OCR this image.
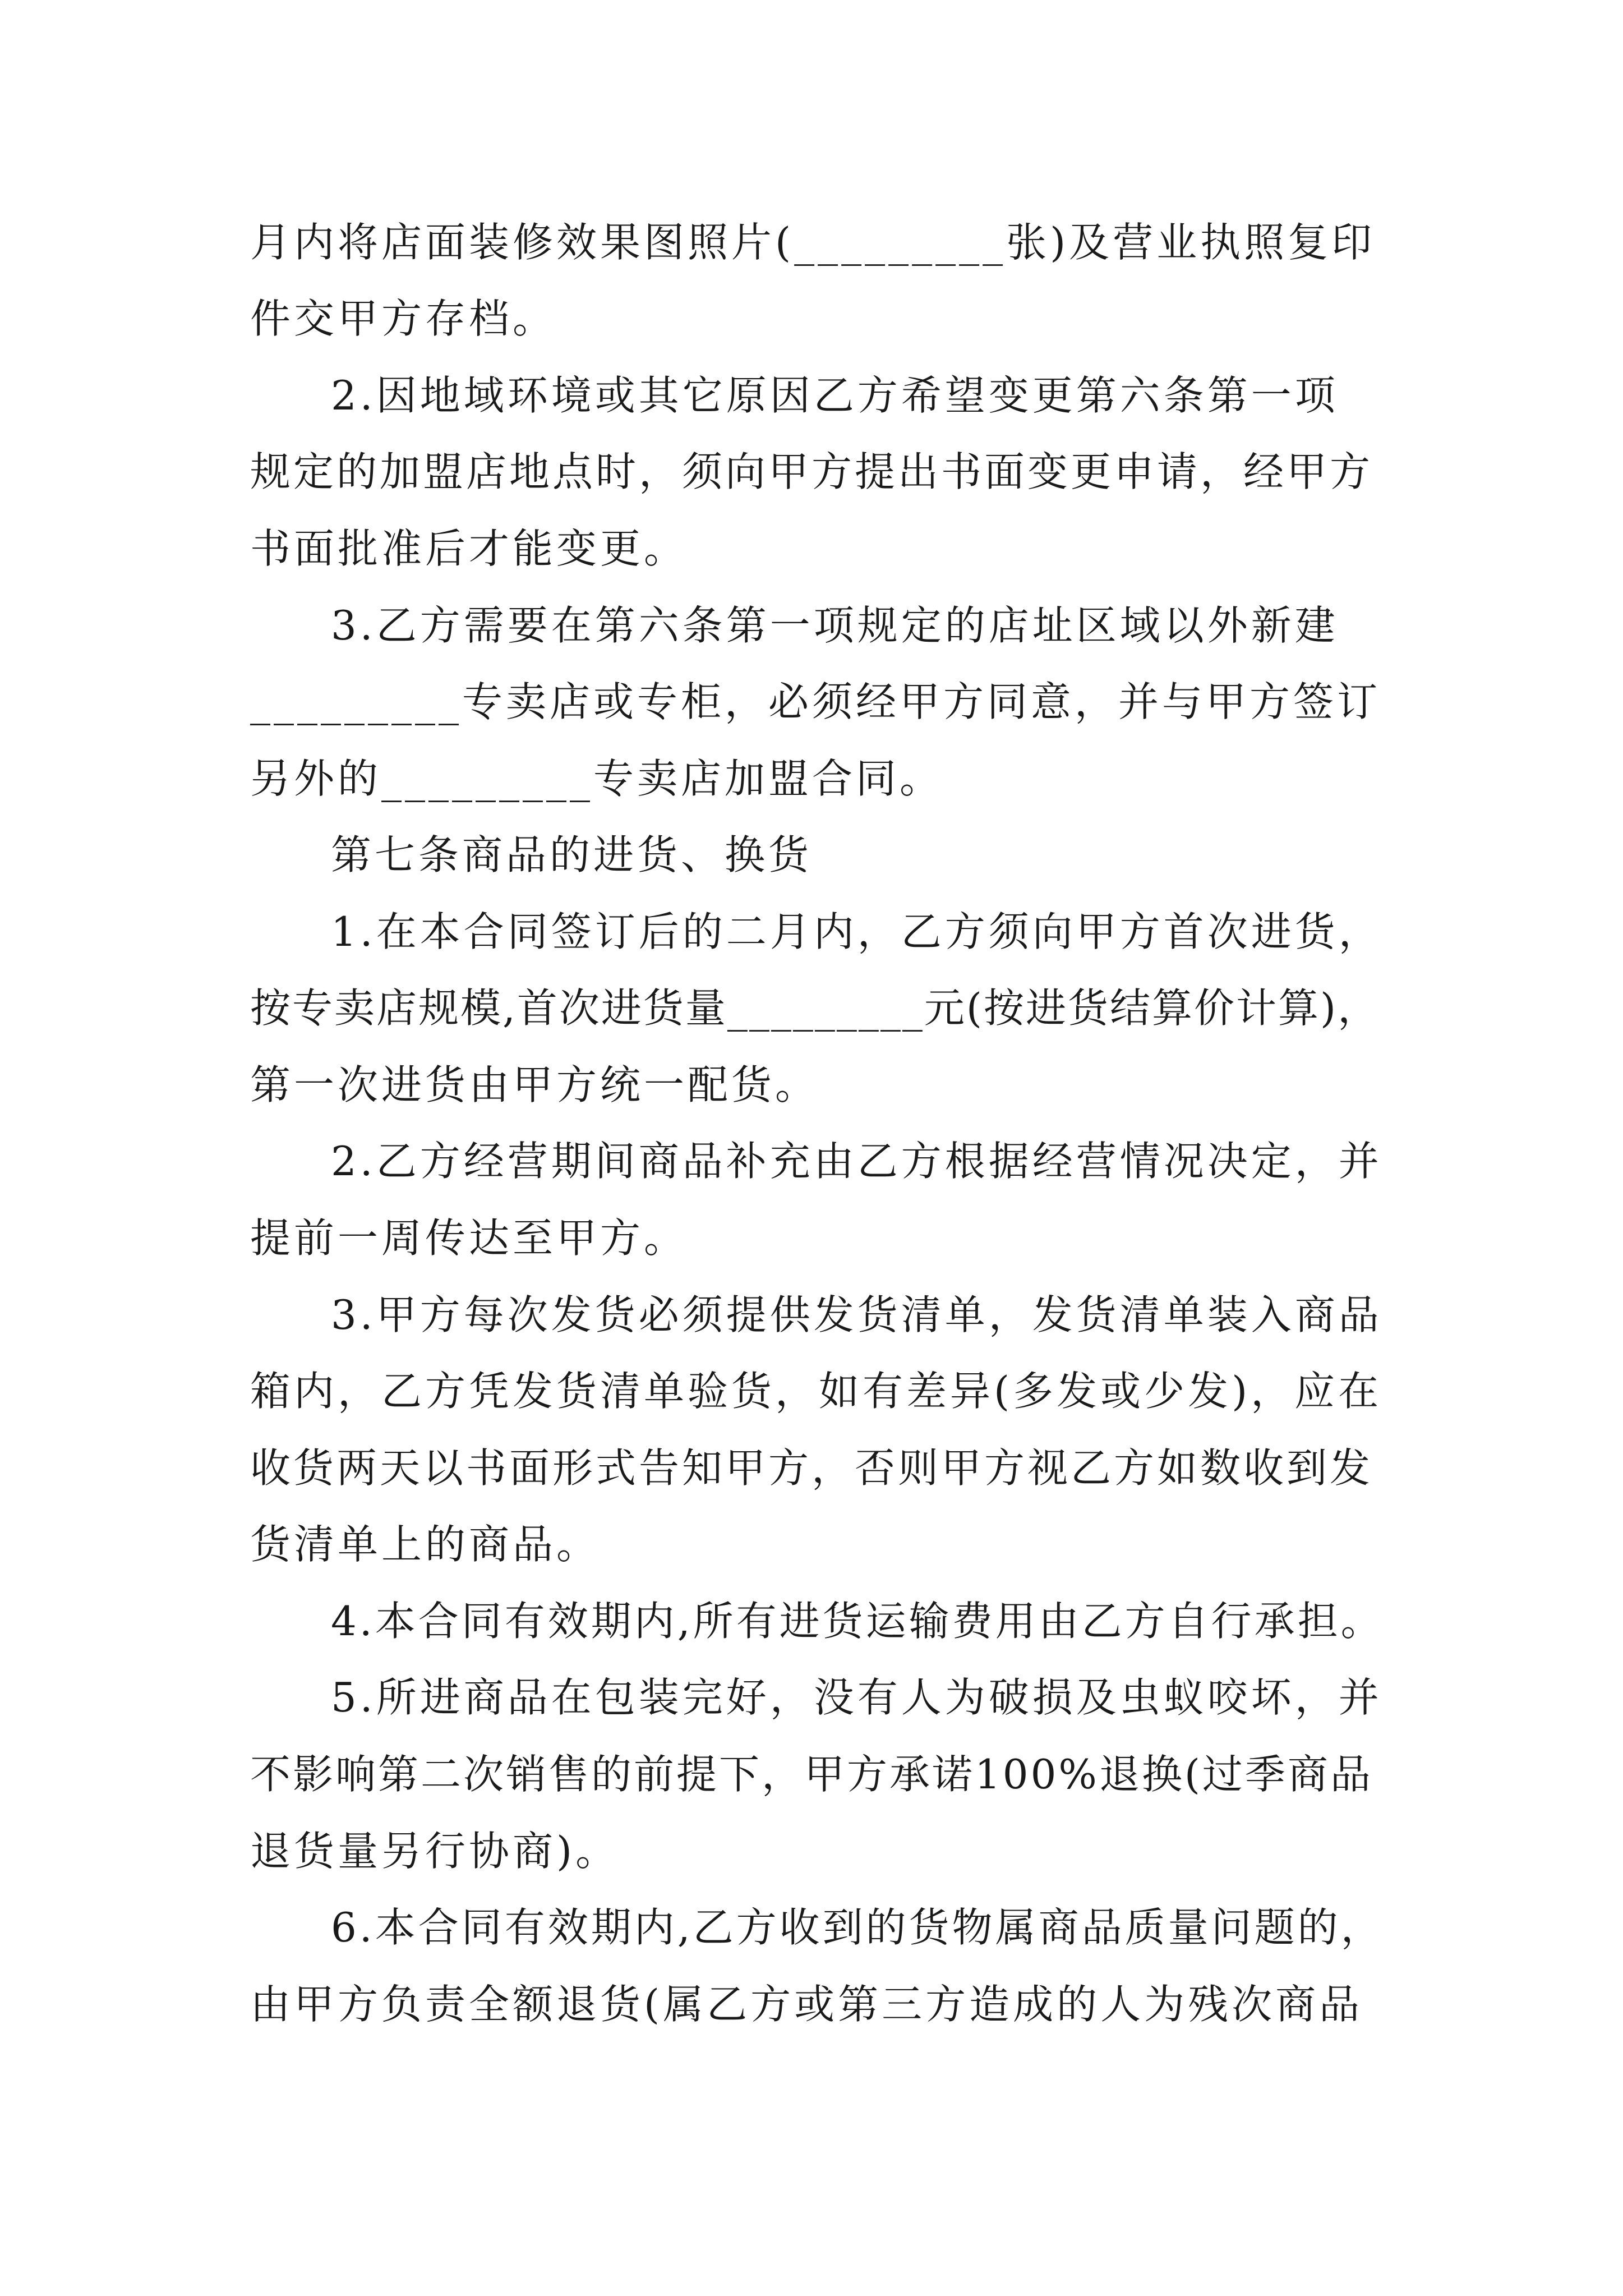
月内将店面装修效果图照片(_________张)及营业执照复印
件交甲方存档。
2.因地域环境或其它原因乙方希望变更第六条第一项
规定的加盟店地点时，须向甲方提出书面变更申请，经甲方
书面批准后才能变更。
3.乙方需要在第六条第一项规定的店址区域以外新建
_________专卖店或专柜，必须经甲方同意，并与甲方签订
另外的_________专卖店加盟合同。
第七条商品的进货、换货
1.在本合同签订后的二月内，乙方须向甲方首次进货，
按专卖店规模,首次进货量_________元(按进货结算价计算)，
第一次进货由甲方统一配货。
2.乙方经营期间商品补充由乙方根据经营情况决定，并
提前一周传达至甲方。
3.甲方每次发货必须提供发货清单，发货清单装入商品
箱内，乙方凭发货清单验货，如有差异(多发或少发)，应在
收货两天以书面形式告知甲方，否则甲方视乙方如数收到发
货清单上的商品。
4.本合同有效期内,所有进货运输费用由乙方自行承担。
5.所进商品在包装完好，没有人为破损及虫蚁咬坏，并
不影响第二次销售的前提下，甲方承诺100%退换(过季商品
退货量另行协商)。
6.本合同有效期内,乙方收到的货物属商品质量问题的，
由甲方负责全额退货(属乙方或第三方造成的人为残次商品
